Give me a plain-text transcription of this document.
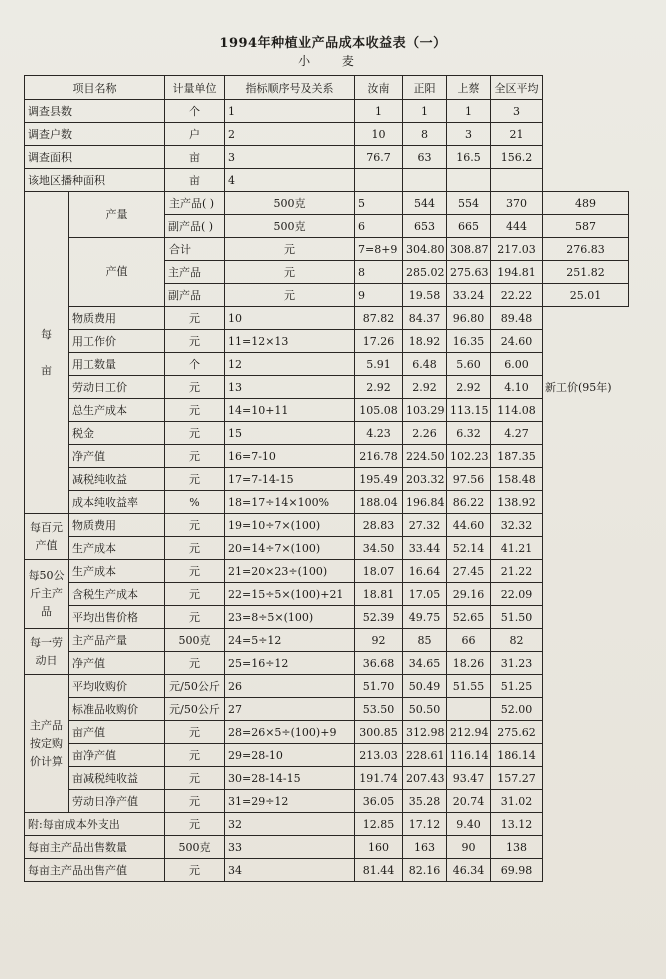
1994年种植业产品成本收益表（一）
小 麦
项目名称		计量单位	指标顺序号及关系	汝南	正阳	上蔡	全区平均		
调查县数		个	1	1	1	1	3		
调查户数		户	2	10	8	3	21		
调查面积		亩	3	76.7	63	16.5	156.2		
该地区播种面积		亩	4						
每

亩	产量	主产品( )	500克	5	544	554	370	489	
		副产品( )	500克	6	653	665	444	587	
	产值	合计	元	7=8+9	304.80	308.87	217.03	276.83	
		主产品	元	8	285.02	275.63	194.81	251.82	
		副产品	元	9	19.58	33.24	22.22	25.01	
	物质费用	元	10	87.82	84.37	96.80	89.48		
	用工作价	元	11=12×13	17.26	18.92	16.35	24.60		
	用工数量	个	12	5.91	6.48	5.60	6.00		
	劳动日工价	元	13	2.92	2.92	2.92	4.10	新工价(95年)	
	总生产成本	元	14=10+11	105.08	103.29	113.15	114.08		
	税金	元	15	4.23	2.26	6.32	4.27		
	净产值	元	16=7-10	216.78	224.50	102.23	187.35		
	减税纯收益	元	17=7-14-15	195.49	203.32	97.56	158.48		
	成本纯收益率	%	18=17÷14×100%	188.04	196.84	86.22	138.92		
每百元产值	物质费用	元	19=10÷7×(100)	28.83	27.32	44.60	32.32		
	生产成本	元	20=14÷7×(100)	34.50	33.44	52.14	41.21		
每50公斤主产品	生产成本	元	21=20×23÷(100)	18.07	16.64	27.45	21.22		
	含税生产成本	元	22=15÷5×(100)+21	18.81	17.05	29.16	22.09		
	平均出售价格	元	23=8÷5×(100)	52.39	49.75	52.65	51.50		
每一劳动日	主产品产量	500克	24=5÷12	92	85	66	82		
	净产值	元	25=16÷12	36.68	34.65	18.26	31.23		
主产品按定购价计算	平均收购价	元/50公斤	26	51.70	50.49	51.55	51.25		
	标准品收购价	元/50公斤	27	53.50	50.50		52.00		
	亩产值	元	28=26×5÷(100)+9	300.85	312.98	212.94	275.62		
	亩净产值	元	29=28-10	213.03	228.61	116.14	186.14		
	亩减税纯收益	元	30=28-14-15	191.74	207.43	93.47	157.27		
	劳动日净产值	元	31=29÷12	36.05	35.28	20.74	31.02		
附:每亩成本外支出		元	32	12.85	17.12	9.40	13.12		
每亩主产品出售数量		500克	33	160	163	90	138		
每亩主产品出售产值		元	34	81.44	82.16	46.34	69.98		
